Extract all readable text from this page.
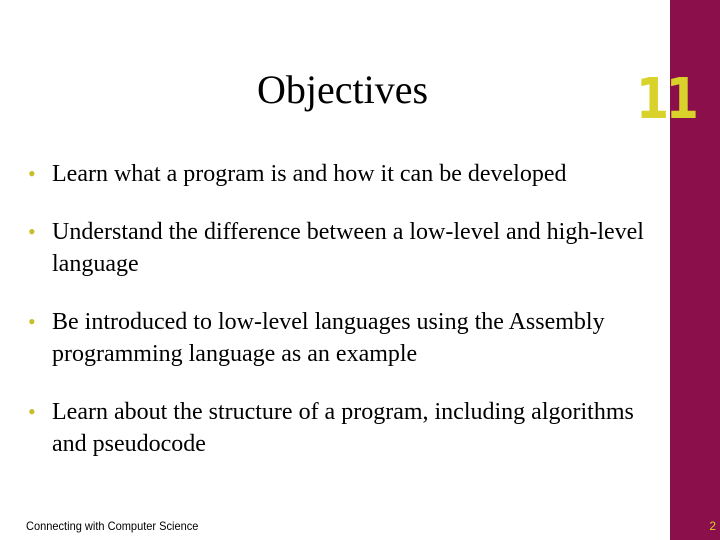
Objectives	11
• Learn what a program is and how it can be developed
• Understand the difference between a low-level and high-level language
• Be introduced to low-level languages using the Assembly programming language as an example
• Learn about the structure of a program, including algorithms and pseudocode
Connecting with Computer Science	2
